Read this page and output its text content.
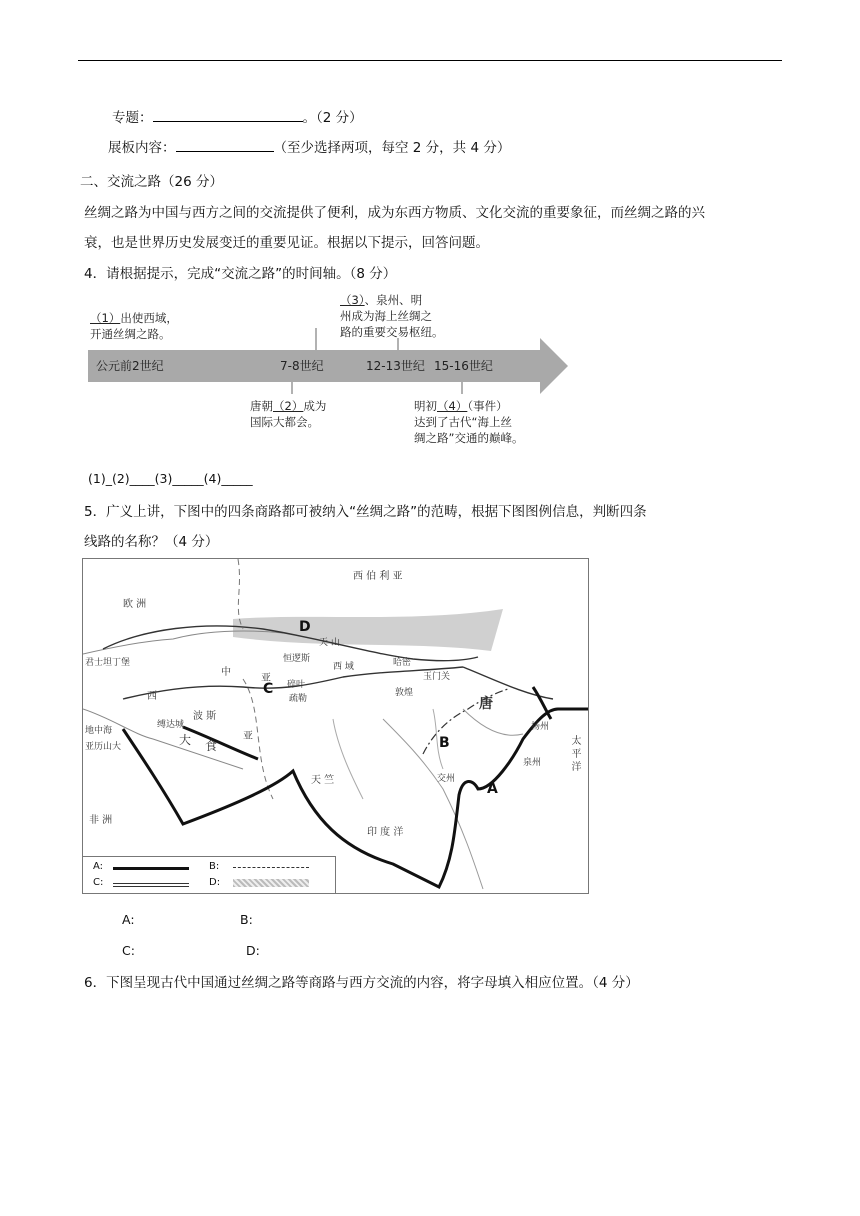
专题：	。（2 分）
展板内容：	（至少选择两项，每空 2 分，共 4 分）
二、交流之路（26 分）
丝绸之路为中国与西方之间的交流提供了便利，成为东西方物质、文化交流的重要象征，而丝绸之路的兴
衰，也是世界历史发展变迁的重要见证。根据以下提示，回答问题。
4．请根据提示，完成“交流之路”的时间轴。（8 分）
公元前2世纪	7-8世纪	12-13世纪 15-16世纪
（1）出使西域，
开通丝绸之路。
（3）、泉州、明
州成为海上丝绸之
路的重要交易枢纽。
唐朝（2）成为
国际大都会。
明初（4）（事件）
达到了古代“海上丝
绸之路”交通的巅峰。
(1)_(2)____(3)_____(4)_____
5．广义上讲，下图中的四条商路都可被纳入“丝绸之路”的范畴，根据下图图例信息，判断四条
线路的名称？（4 分）
西 伯 利 亚
欧 洲
中
亚
西
波 斯
亚
大 食
天 竺
唐
非 洲
印 度 洋
太 平 洋
天 山
西 域
缚达城
君士坦丁堡
亚历山大
地中海	扬州
泉州
交州
敦煌
玉门关
哈密
碎叶
疏勒
恒逻斯
D
C
B
A
A:	B:
C:	D:
A:	B:
C:	D:
6．下图呈现古代中国通过丝绸之路等商路与西方交流的内容，将字母填入相应位置。（4 分）
